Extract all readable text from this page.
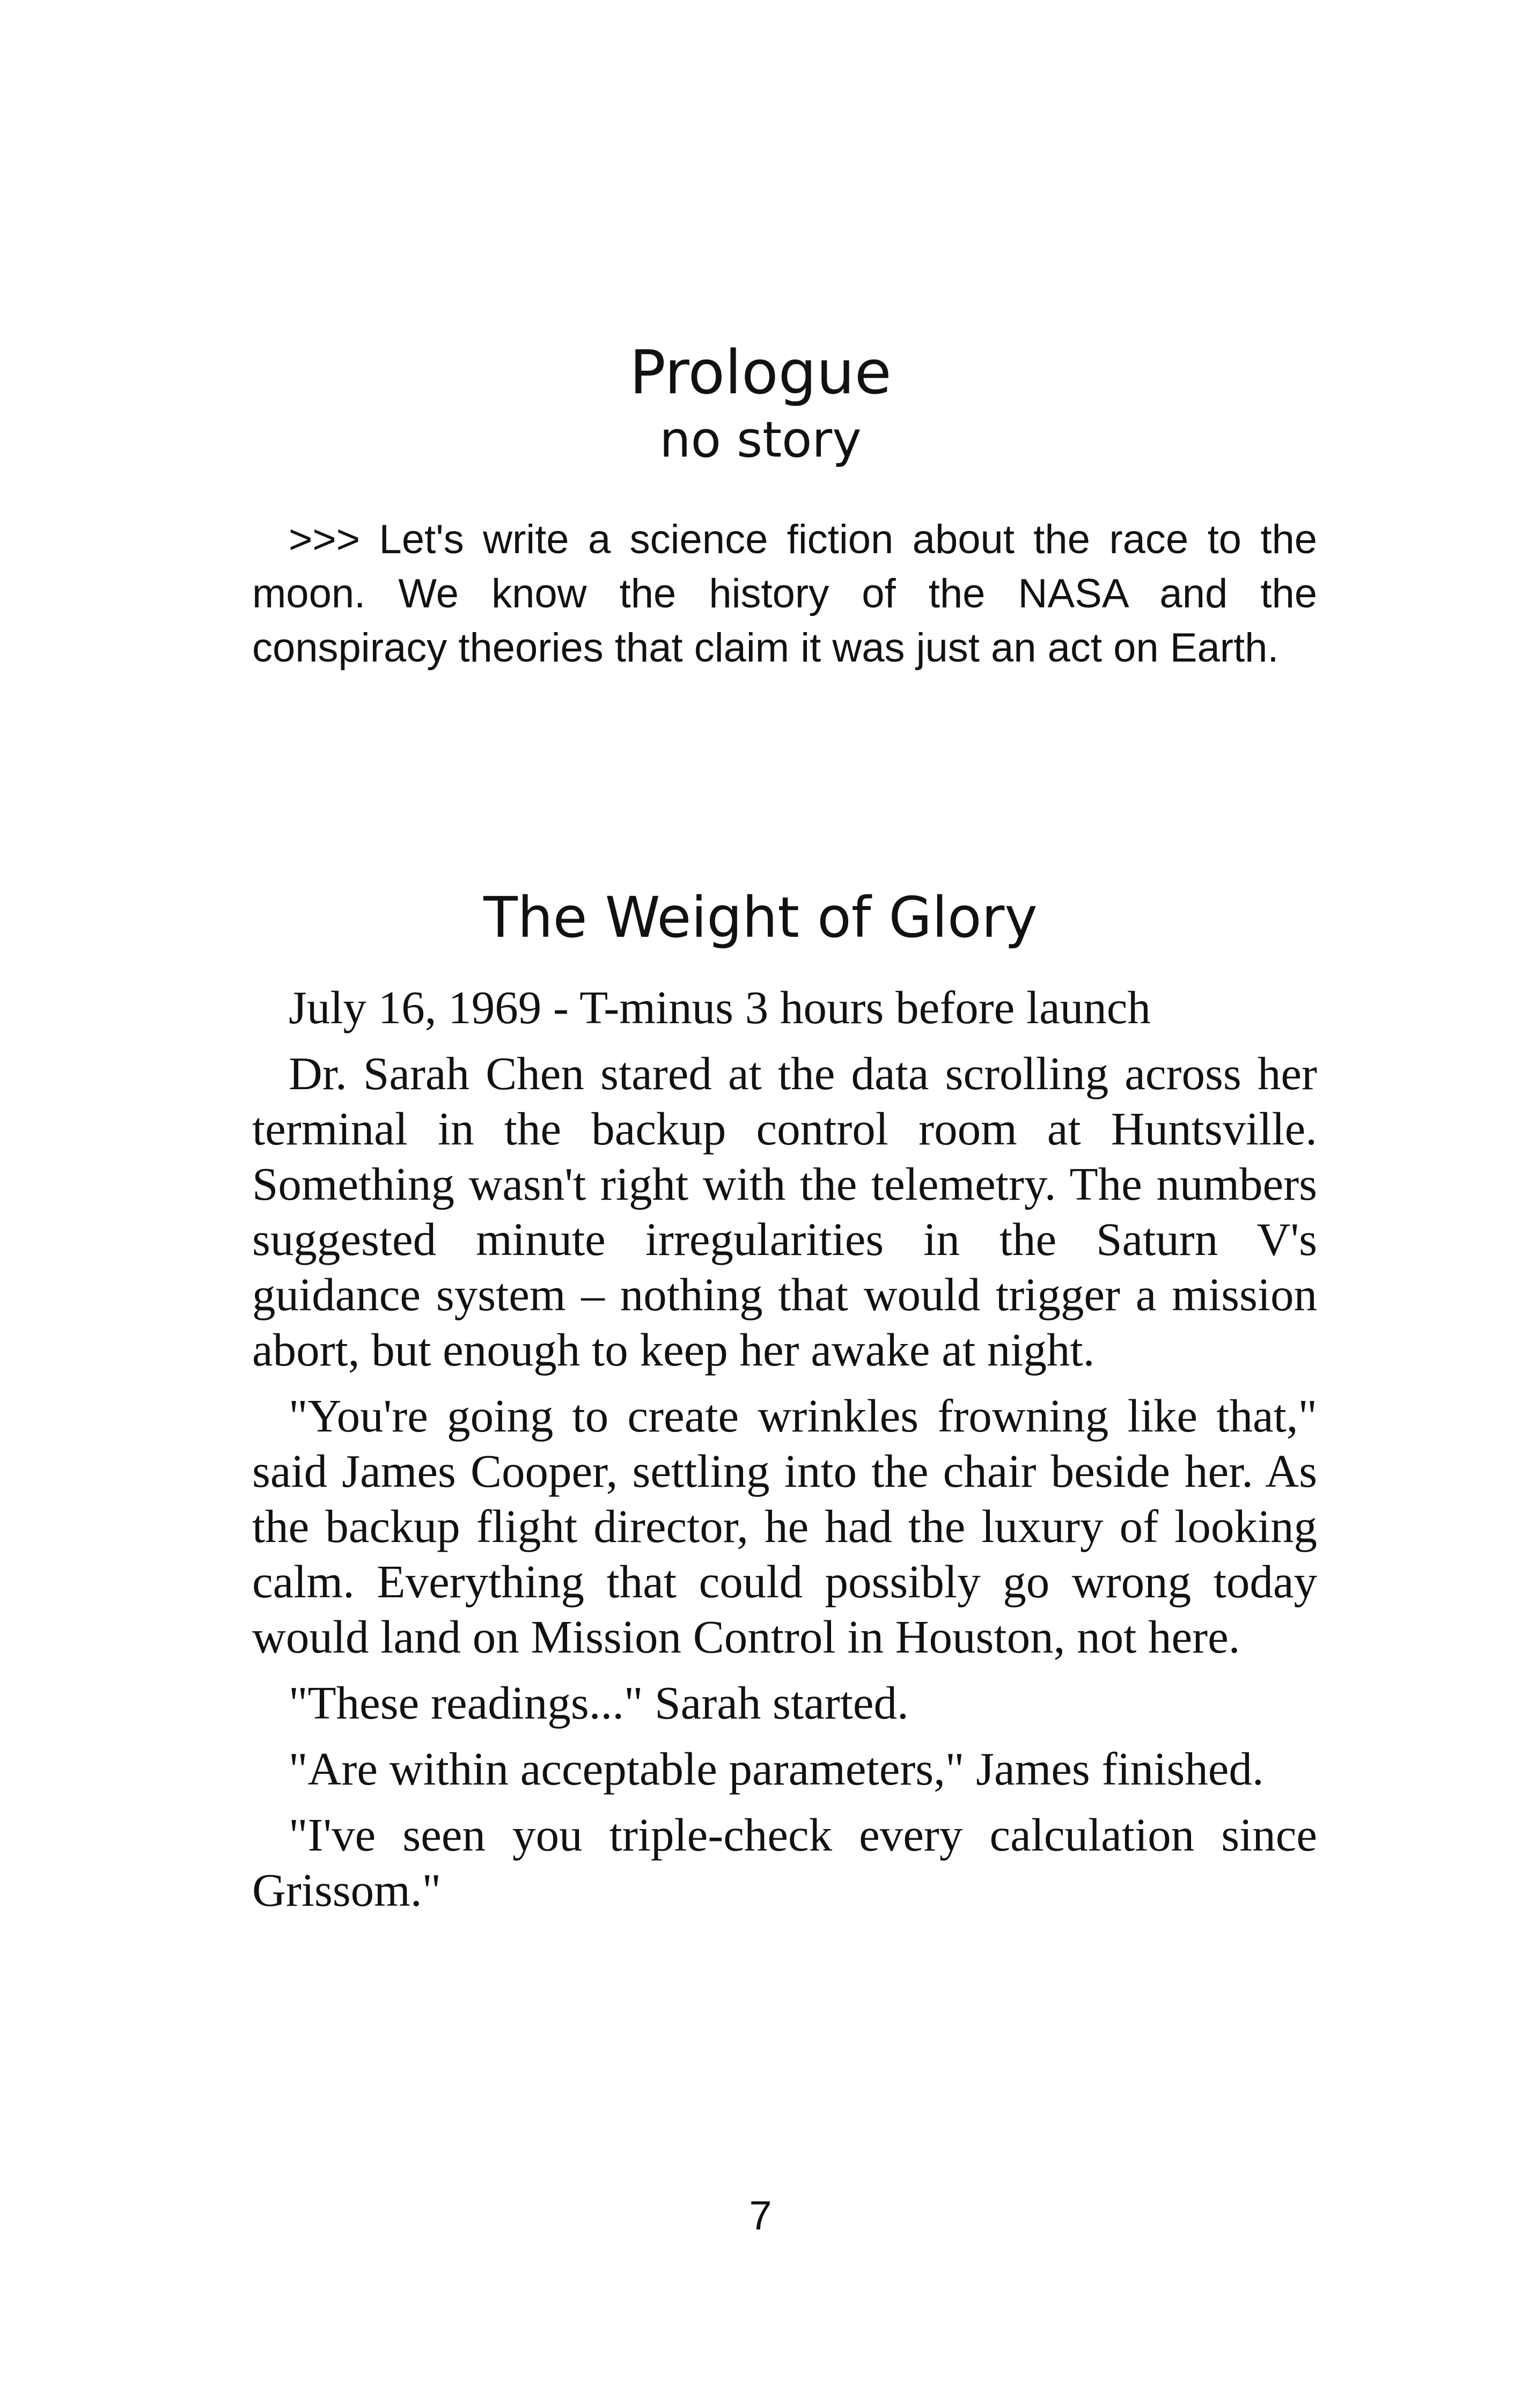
Prologue
no story

>>> Let's write a science fiction about the race to the moon. We know the history of the NASA and the conspiracy theories that claim it was just an act on Earth.

The Weight of Glory

July 16, 1969 - T-minus 3 hours before launch

Dr. Sarah Chen stared at the data scrolling across her terminal in the backup control room at Huntsville. Something wasn't right with the telemetry. The numbers suggested minute irregularities in the Saturn V's guidance system – nothing that would trigger a mission abort, but enough to keep her awake at night.

"You're going to create wrinkles frowning like that," said James Cooper, settling into the chair beside her. As the backup flight director, he had the luxury of looking calm. Everything that could possibly go wrong today would land on Mission Control in Houston, not here.

"These readings..." Sarah started.

"Are within acceptable parameters," James finished.

"I've seen you triple-check every calculation since Grissom."

7
